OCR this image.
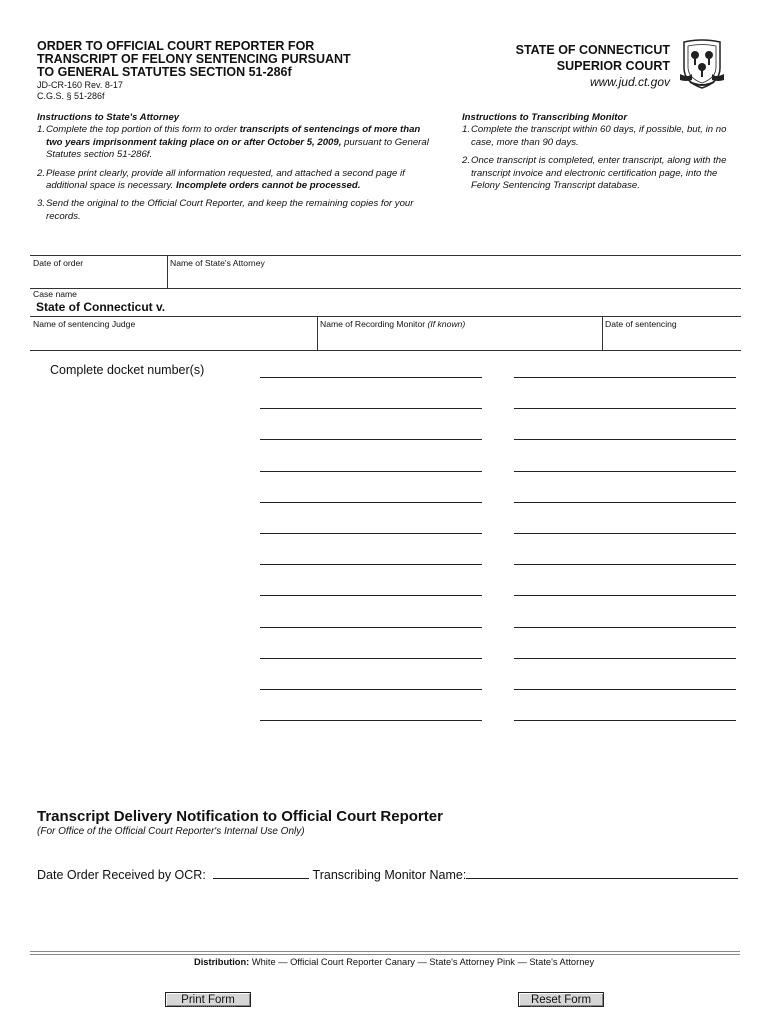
ORDER TO OFFICIAL COURT REPORTER FOR
TRANSCRIPT OF FELONY SENTENCING PURSUANT
TO GENERAL STATUTES SECTION 51-286f
JD-CR-160 Rev. 8-17
C.G.S. § 51-286f
STATE OF CONNECTICUT
SUPERIOR COURT
www.jud.ct.gov
Instructions to State's Attorney
1. Complete the top portion of this form to order transcripts of sentencings of more than two years imprisonment taking place on or after October 5, 2009, pursuant to General Statutes section 51-286f.
2. Please print clearly, provide all information requested, and attached a second page if additional space is necessary. Incomplete orders cannot be processed.
3. Send the original to the Official Court Reporter, and keep the remaining copies for your records.
Instructions to Transcribing Monitor
1. Complete the transcript within 60 days, if possible, but, in no case, more than 90 days.
2. Once transcript is completed, enter transcript, along with the transcript invoice and electronic certification page, into the Felony Sentencing Transcript database.
Date of order	Name of State's Attorney
Case name
State of Connecticut v.
Name of sentencing Judge	Name of Recording Monitor (If known)	Date of sentencing
Complete docket number(s)
Transcript Delivery Notification to Official Court Reporter
(For Office of the Official Court Reporter's Internal Use Only)
Date Order Received by OCR:	Transcribing Monitor Name:
Distribution: White — Official Court Reporter Canary — State's Attorney Pink — State's Attorney
Print Form	Reset Form
